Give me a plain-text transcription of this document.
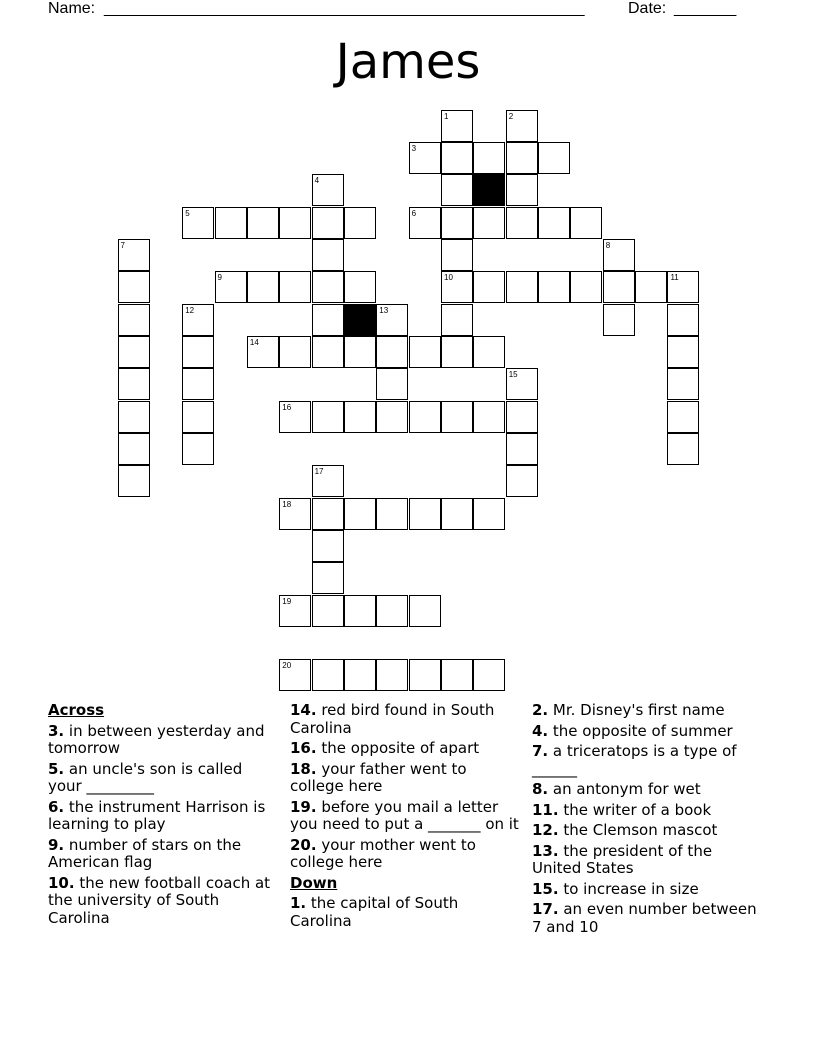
Name: ______________________________________________________	Date: _______
James
1
10
2
3
4
5	6
7	8
9	11
12	13
14
15
16
17
18
19
20
Across
3. in between yesterday and tomorrow
5. an uncle's son is called your _________
6. the instrument Harrison is learning to play
9. number of stars on the American flag
10. the new football coach at the university of South Carolina
14. red bird found in South Carolina
16. the opposite of apart
18. your father went to college here
19. before you mail a letter you need to put a _______ on it
20. your mother went to college here
Down
1. the capital of South Carolina
2. Mr. Disney's first name
4. the opposite of summer
7. a triceratops is a type of ______
8. an antonym for wet
11. the writer of a book
12. the Clemson mascot
13. the president of the United States
15. to increase in size
17. an even number between 7 and 10
